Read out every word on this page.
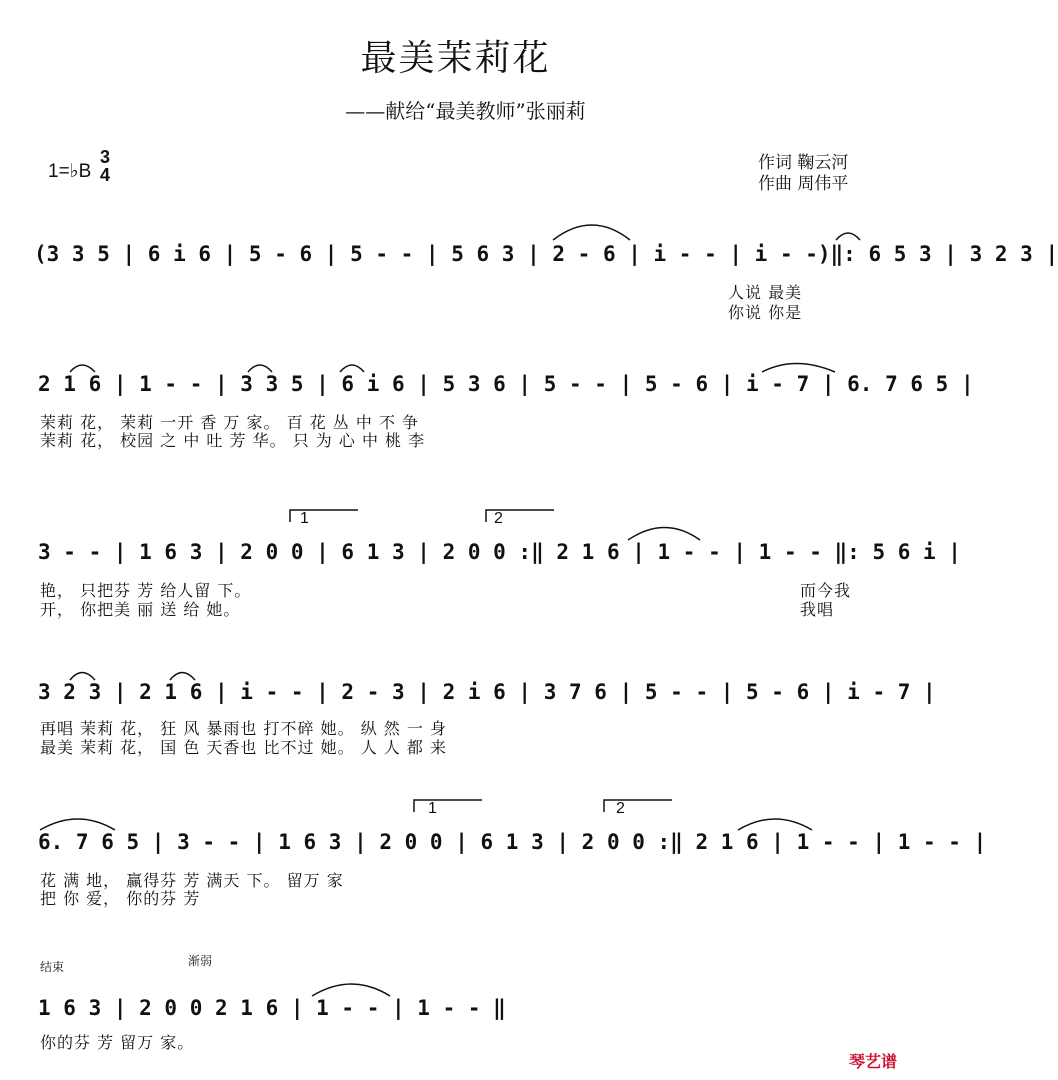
最美茉莉花
——献给“最美教师”张丽莉
1=♭B
3
4
作词 鞠云河
作曲 周伟平
(3 3 5 | 6 i 6 | 5 - 6 | 5 - - | 5 6 3 | 2 - 6 | i - - | i - -)‖: 6 5 3 | 3 2 3 |
人说 最美
你说 你是
2 1 6 | 1 - - | 3 3 5 | 6 i 6 | 5 3 6 | 5 - - | 5 - 6 | i - 7 | 6. 7 6 5 |
茉莉 花， 茉莉 一开 香 万 家。 百 花 丛 中 不 争
茉莉 花， 校园 之 中 吐 芳 华。 只 为 心 中 桃 李
3 - - | 1 6 3 | 2 0 0 | 6 1 3 | 2 0 0 :‖ 2 1 6 | 1 - - | 1 - - ‖: 5 6 i |
艳， 只把芬 芳 给人留 下。
开， 你把美 丽 送 给 她。
而今我
我唱
1	2
3 2 3 | 2 1 6 | i - - | 2 - 3 | 2 i 6 | 3 7 6 | 5 - - | 5 - 6 | i - 7 |
再唱 茉莉 花， 狂 风 暴雨也 打不碎 她。 纵 然 一 身
最美 茉莉 花， 国 色 天香也 比不过 她。 人 人 都 来
6. 7 6 5 | 3 - - | 1 6 3 | 2 0 0 | 6 1 3 | 2 0 0 :‖ 2 1 6 | 1 - - | 1 - - |
花 满 地， 赢得芬 芳 满天 下。 留万 家
把 你 爱， 你的芬 芳
1	2
结束	渐弱
1 6 3 | 2 0 0 2 1 6 | 1 - - | 1 - - ‖
你的芬 芳 留万 家。
琴艺谱
